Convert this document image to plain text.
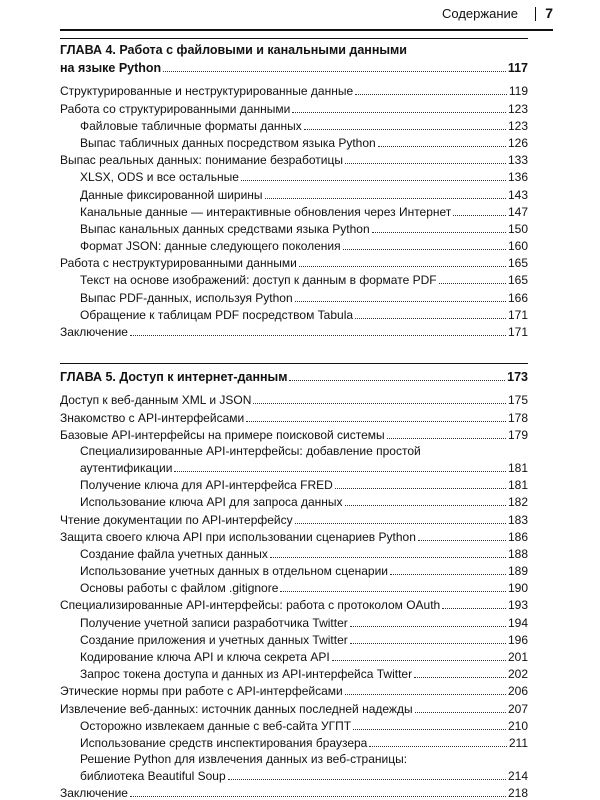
Содержание 7
ГЛАВА 4. Работа с файловыми и канальными данными
на языке Python	117
Структурированные и неструктурированные данные	119
Работа со структурированными данными	123
Файловые табличные форматы данных	123
Выпас табличных данных посредством языка Python	126
Выпас реальных данных: понимание безработицы	133
XLSX, ODS и все остальные	136
Данные фиксированной ширины	143
Канальные данные — интерактивные обновления через Интернет	147
Выпас канальных данных средствами языка Python	150
Формат JSON: данные следующего поколения	160
Работа с неструктурированными данными	165
Текст на основе изображений: доступ к данным в формате PDF	165
Выпас PDF-данных, используя Python	166
Обращение к таблицам PDF посредством Tabula	171
Заключение	171
ГЛАВА 5. Доступ к интернет-данным	173
Доступ к веб-данным XML и JSON	175
Знакомство с API-интерфейсами	178
Базовые API-интерфейсы на примере поисковой системы	179
Специализированные API-интерфейсы: добавление простой
аутентификации	181
Получение ключа для API-интерфейса FRED	181
Использование ключа API для запроса данных	182
Чтение документации по API-интерфейсу	183
Защита своего ключа API при использовании сценариев Python	186
Создание файла учетных данных	188
Использование учетных данных в отдельном сценарии	189
Основы работы с файлом .gitignore	190
Специализированные API-интерфейсы: работа с протоколом OAuth	193
Получение учетной записи разработчика Twitter	194
Создание приложения и учетных данных Twitter	196
Кодирование ключа API и ключа секрета API	201
Запрос токена доступа и данных из API-интерфейса Twitter	202
Этические нормы при работе с API-интерфейсами	206
Извлечение веб-данных: источник данных последней надежды	207
Осторожно извлекаем данные с веб-сайта УГПТ	210
Использование средств инспектирования браузера	211
Решение Python для извлечения данных из веб-страницы:
библиотека Beautiful Soup	214
Заключение	218
